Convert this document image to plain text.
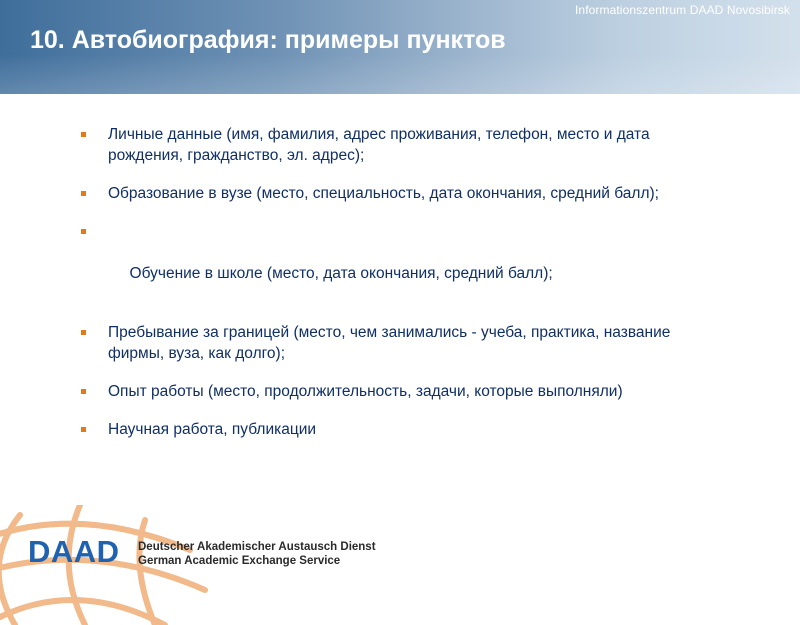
Informationszentrum DAAD Novosibirsk
10. Автобиография: примеры пунктов
Личные данные (имя, фамилия, адрес проживания, телефон, место и дата рождения, гражданство, эл. адрес);
Образование в вузе (место, специальность, дата окончания, средний балл);

Обучение в школе (место, дата окончания, средний балл);

Пребывание за границей (место, чем занимались - учеба, практика, название фирмы, вуза, как долго);
Опыт работы (место, продолжительность, задачи, которые выполняли)
Научная работа, публикации
DAAD Deutscher Akademischer Austausch Dienst
German Academic Exchange Service
